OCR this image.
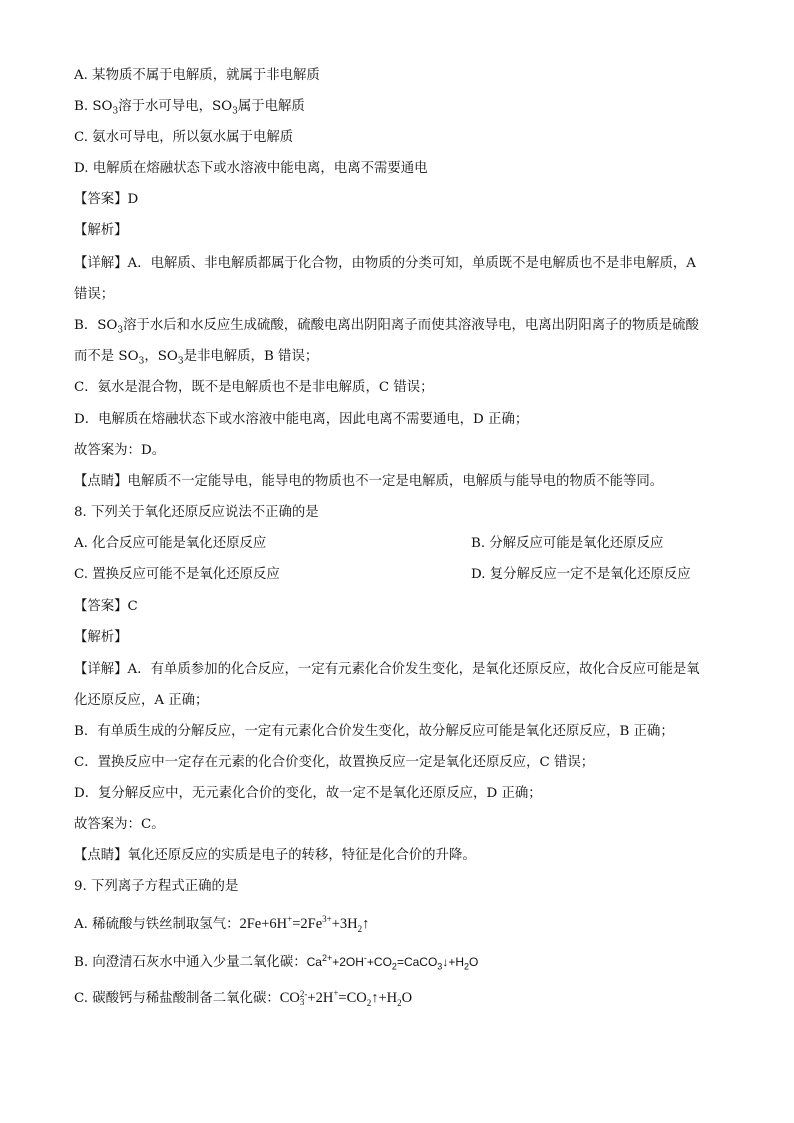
A. 某物质不属于电解质，就属于非电解质
B. $SO_3$溶于水可导电，$SO_3$属于电解质
C. 氨水可导电，所以氨水属于电解质
D. 电解质在熔融状态下或水溶液中能电离，电离不需要通电
【答案】D
【解析】
【详解】A．电解质、非电解质都属于化合物，由物质的分类可知，单质既不是电解质也不是非电解质，A
错误；
B．$SO_3$溶于水后和水反应生成硫酸，硫酸电离出阴阳离子而使其溶液导电，电离出阴阳离子的物质是硫酸
而不是 $SO_3$，$SO_3$是非电解质，B 错误；
C．氨水是混合物，既不是电解质也不是非电解质，C 错误；
D．电解质在熔融状态下或水溶液中能电离，因此电离不需要通电，D 正确；
故答案为：D。
【点睛】电解质不一定能导电，能导电的物质也不一定是电解质，电解质与能导电的物质不能等同。
8. 下列关于氧化还原反应说法不正确的是
A. 化合反应可能是氧化还原反应	B. 分解反应可能是氧化还原反应
C. 置换反应可能不是氧化还原反应	D. 复分解反应一定不是氧化还原反应
【答案】C
【解析】
【详解】A．有单质参加的化合反应，一定有元素化合价发生变化，是氧化还原反应，故化合反应可能是氧
化还原反应，A 正确；
B．有单质生成的分解反应，一定有元素化合价发生变化，故分解反应可能是氧化还原反应，B 正确；
C．置换反应中一定存在元素的化合价变化，故置换反应一定是氧化还原反应，C 错误；
D．复分解反应中，无元素化合价的变化，故一定不是氧化还原反应，D 正确；
故答案为：C。
【点睛】氧化还原反应的实质是电子的转移，特征是化合价的升降。
9. 下列离子方程式正确的是
A. 稀硫酸与铁丝制取氢气：$2Fe+6H^+=2Fe^{3+}+3H_2↑$
B. 向澄清石灰水中通入少量二氧化碳：$Ca^{2+}+2OH^-+CO_2=CaCO_3↓+H_2O$
C. 碳酸钙与稀盐酸制备二氧化碳：CO 2-
$3 +2H^+=CO_2↑+H_2O$
